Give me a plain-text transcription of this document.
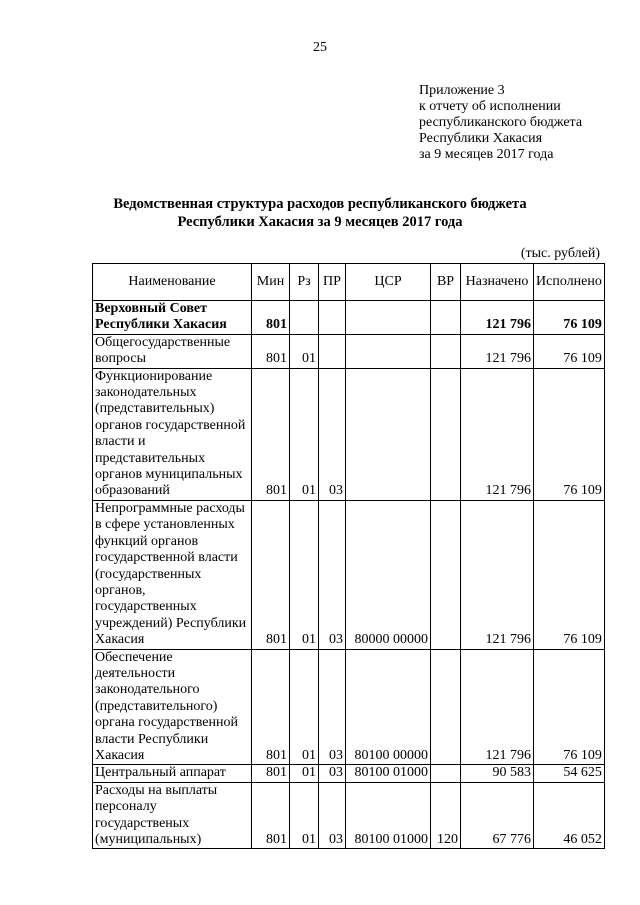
25
Приложение 3
к отчету об исполнении
республиканского бюджета
Республики Хакасия
за 9 месяцев 2017 года
Ведомственная структура расходов республиканского бюджета
Республики Хакасия за 9 месяцев 2017 года
(тыс. рублей)
Наименование	Мин	Рз	ПР	ЦСР	ВР	Назначено	Исполнено
Верховный Совет Республики Хакасия	801					121 796	76 109
Общегосударственные вопросы	801	01				121 796	76 109
Функционирование законодательных (представительных) органов государственной власти и представительных органов муниципальных образований	801	01	03			121 796	76 109
Непрограммные расходы в сфере установленных функций органов государственной власти (государственных органов, государственных учреждений) Республики Хакасия	801	01	03	80000 00000		121 796	76 109
Обеспечение деятельности законодательного (представительного) органа государственной власти Республики Хакасия	801	01	03	80100 00000		121 796	76 109
Центральный аппарат	801	01	03	80100 01000		90 583	54 625
Расходы на выплаты персоналу государственых (муниципальных)	801	01	03	80100 01000	120	67 776	46 052
